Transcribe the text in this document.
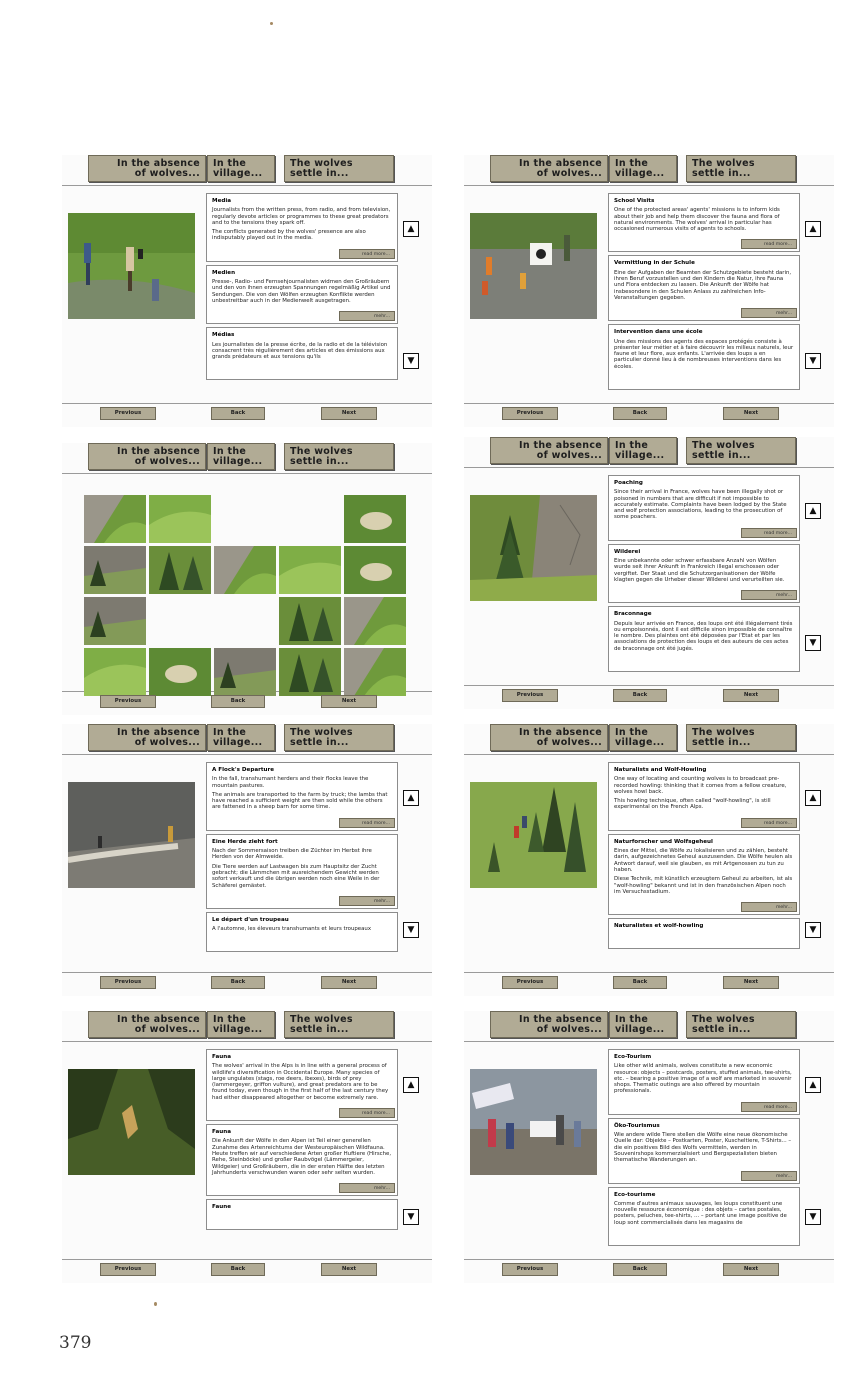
In the absence
of wolves...
In the
village...
The wolves
settle in...
Media

Journalists from the written press, from radio, and from television, regularly devote articles or programmes to these great predators and to the tensions they spark off.

The conflicts generated by the wolves' presence are also indisputably played out in the media.

read more...
Medien

Presse-, Radio- und Fernsehjournalisten widmen den Großräubern und den von ihnen erzeugten Spannungen regelmäßig Artikel und Sendungen. Die von den Wölfen erzeugten Konflikte werden unbestreitbar auch in der Medienwelt ausgetragen.

mehr...
Médias

Les journalistes de la presse écrite, de la radio et de la télévision consacrent très régulièrement des articles et des émissions aux grands prédateurs et aux tensions qu'ils

▲
▼
Previous	Back	Next
In the absence
of wolves...
In the
village...
The wolves
settle in...
School Visits

One of the protected areas' agents' missions is to inform kids about their job and help them discover the fauna and flora of natural environments. The wolves' arrival in particular has occasioned numerous visits of agents to schools.

read more...
Vermittlung in der Schule

Eine der Aufgaben der Beamten der Schutzgebiete besteht darin, ihren Beruf vorzustellen und den Kindern die Natur, ihre Fauna und Flora entdecken zu lassen. Die Ankunft der Wölfe hat insbesondere in den Schulen Anlass zu zahlreichen Info-Veranstaltungen gegeben.

mehr...
Intervention dans une école

Une des missions des agents des espaces protégés consiste à présenter leur métier et à faire découvrir les milieux naturels, leur faune et leur flore, aux enfants. L'arrivée des loups a en particulier donné lieu à de nombreuses interventions dans les écoles.

▲
▼
Previous	Back	Next
In the absence
of wolves...
In the
village...
The wolves
settle in...
Previous	Back	Next
In the absence
of wolves...
In the
village...
The wolves
settle in...
Poaching

Since their arrival in France, wolves have been illegally shot or poisoned in numbers that are difficult if not impossible to accurately estimate. Complaints have been lodged by the State and wolf protection associations, leading to the prosecution of some poachers.

read more...
Wilderei

Eine unbekannte oder schwer erfassbare Anzahl von Wölfen wurde seit ihrer Ankunft in Frankreich illegal erschossen oder vergiftet. Der Staat und die Schutzorganisationen der Wölfe klagten gegen die Urheber dieser Wilderei und verurteilten sie.

mehr...
Braconnage

Depuis leur arrivée en France, des loups ont été illégalement tirés ou empoisonnés, dont il est difficile sinon impossible de connaître le nombre. Des plaintes ont été déposées par l'Etat et par les associations de protection des loups et des auteurs de ces actes de braconnage ont été jugés.

▲
▼
Previous	Back	Next
In the absence
of wolves...
In the
village...
The wolves
settle in...
A Flock's Departure

In the fall, transhumant herders and their flocks leave the mountain pastures.

The animals are transported to the farm by truck; the lambs that have reached a sufficient weight are then sold while the others are fattened in a sheep barn for some time.

read more...
Eine Herde zieht fort

Nach der Sommersaison treiben die Züchter im Herbst ihre Herden von der Almweide.

Die Tiere werden auf Lastwagen bis zum Hauptsitz der Zucht gebracht; die Lämmchen mit ausreichendem Gewicht werden sofort verkauft und die übrigen werden noch eine Weile in der Schäferei gemästet.

mehr...
Le départ d'un troupeau

A l'automne, les éleveurs transhumants et leurs troupeaux

▲
▼
Previous	Back	Next
In the absence
of wolves...
In the
village...
The wolves
settle in...
Naturalists and Wolf-Howling

One way of locating and counting wolves is to broadcast pre-recorded howling: thinking that it comes from a fellow creature, wolves howl back.

This howling technique, often called "wolf-howling", is still experimental on the French Alps.

read more...
Naturforscher und Wolfsgeheul

Eines der Mittel, die Wölfe zu lokalisieren und zu zählen, besteht darin, aufgezeichnetes Geheul auszusenden. Die Wölfe heulen als Antwort darauf, weil sie glauben, es mit Artgenossen zu tun zu haben.

Diese Technik, mit künstlich erzeugtem Geheul zu arbeiten, ist als "wolf-howling" bekannt und ist in den französischen Alpen noch im Versuchsstadium.

mehr...
Naturalistes et wolf-howling

▲
▼
Previous	Back	Next
In the absence
of wolves...
In the
village...
The wolves
settle in...
Fauna

The wolves' arrival in the Alps is in line with a general process of wildlife's diversification in Occidental Europe. Many species of large ungulates (stags, roe deers, ibexes), birds of prey (lammergeyer, griffon vulture), and great predators are to be found today, even though in the first half of the last century they had either disappeared altogether or become extremely rare.

read more...
Fauna

Die Ankunft der Wölfe in den Alpen ist Teil einer generellen Zunahme des Artenreichtums der Westeuropäischen Wildfauna. Heute treffen wir auf verschiedene Arten großer Huftiere (Hirsche, Rehe, Steinböcke) und großer Raubvögel (Lämmergeier, Wildgeier) und Großräubern, die in der ersten Hälfte des letzten Jahrhunderts verschwunden waren oder sehr selten wurden.

mehr...
Faune

▲
▼
Previous	Back	Next
In the absence
of wolves...
In the
village...
The wolves
settle in...
Eco-Tourism

Like other wild animals, wolves constitute a new economic resource: objects – postcards, posters, stuffed animals, tee-shirts, etc. – bearing a positive image of a wolf are marketed in souvenir shops. Thematic outings are also offered by mountain professionals.

read more...
Öko-Tourismus

Wie andere wilde Tiere stellen die Wölfe eine neue ökonomische Quelle dar: Objekte – Postkarten, Poster, Kuscheltiere, T-Shirts... – die ein positives Bild des Wolfs vermitteln, werden in Souvenirshops kommerzialisiert und Bergspezialisten bieten thematische Wanderungen an.

mehr...
Eco-tourisme

Comme d'autres animaux sauvages, les loups constituent une nouvelle ressource économique : des objets – cartes postales, posters, peluches, tee-shirts, ... – portant une image positive de loup sont commercialisés dans les magasins de

▲
▼
Previous	Back	Next
379
